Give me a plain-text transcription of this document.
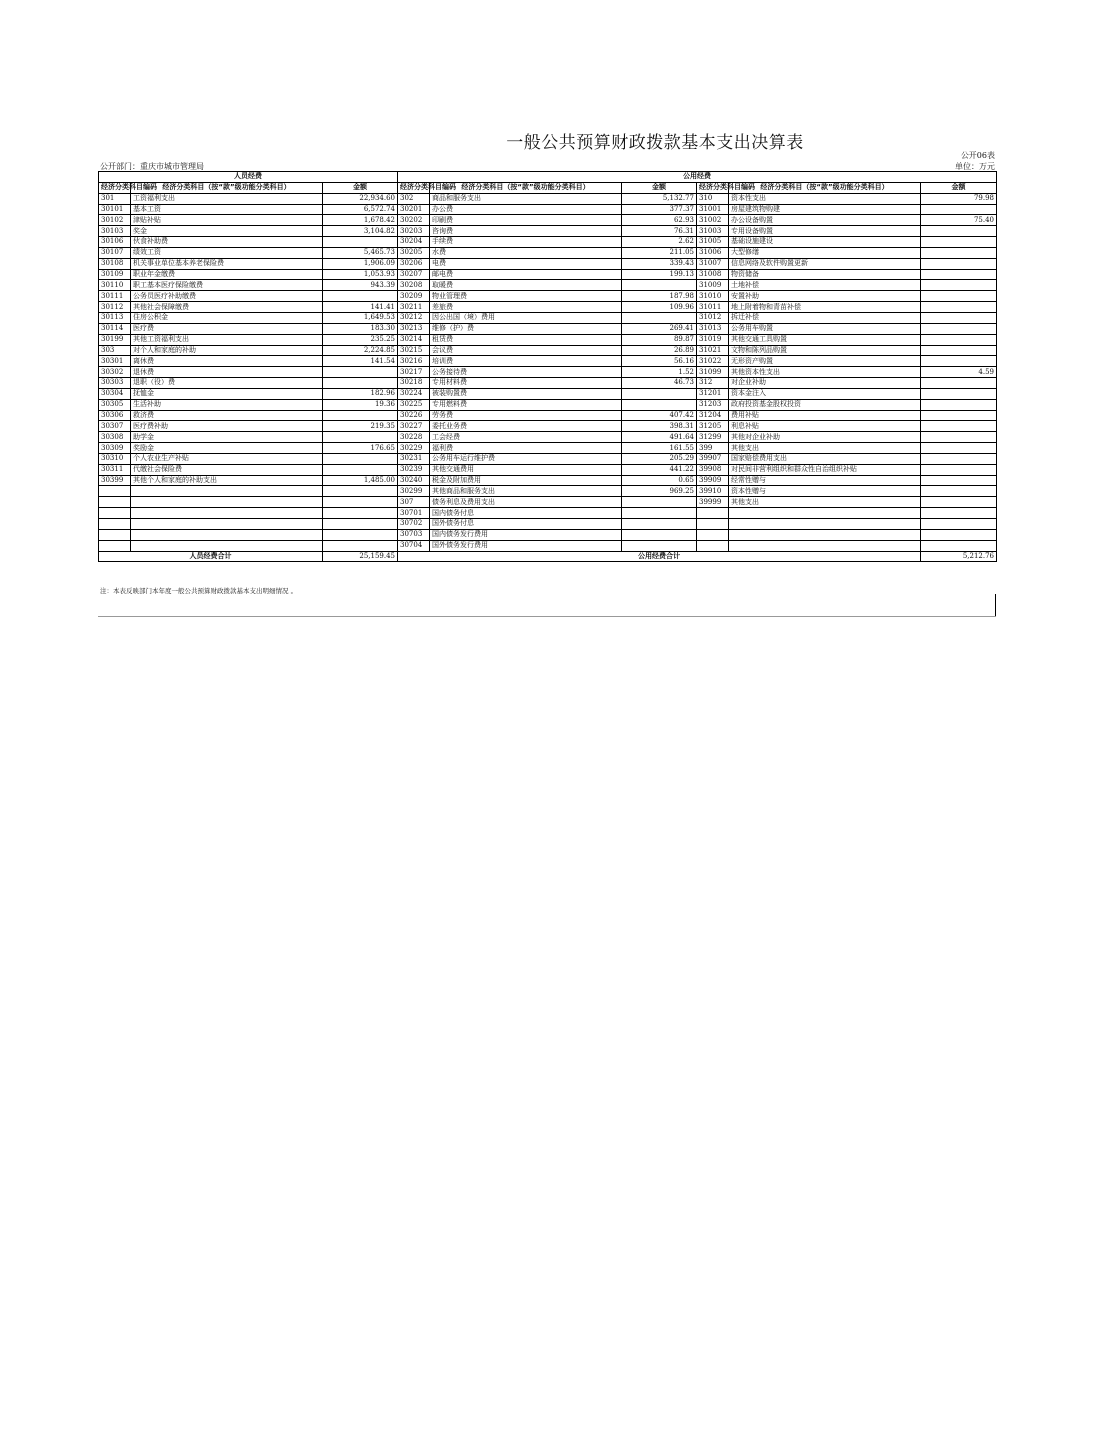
一般公共预算财政拨款基本支出决算表
公开06表
单位：万元
公开部门：重庆市城市管理局
人员经费			公用经费					
经济分类科目编码	经济分类科目（按“款”级功能分类科目）	金额	经济分类科目编码	经济分类科目（按“款”级功能分类科目）	金额	经济分类科目编码	经济分类科目（按“款”级功能分类科目）	金额
301	工资福利支出	22,934.60	302	商品和服务支出	5,132.77	310	资本性支出	79.98
30101	基本工资	6,572.74	30201	办公费	377.37	31001	房屋建筑物购建	
30102	津贴补贴	1,678.42	30202	印刷费	62.93	31002	办公设备购置	75.40
30103	奖金	3,104.82	30203	咨询费	76.31	31003	专用设备购置	
30106	伙食补助费		30204	手续费	2.62	31005	基础设施建设	
30107	绩效工资	5,465.73	30205	水费	211.05	31006	大型修缮	
30108	机关事业单位基本养老保险费	1,906.09	30206	电费	339.43	31007	信息网络及软件购置更新	
30109	职业年金缴费	1,053.93	30207	邮电费	199.13	31008	物资储备	
30110	职工基本医疗保险缴费	943.39	30208	取暖费		31009	土地补偿	
30111	公务员医疗补助缴费		30209	物业管理费	187.98	31010	安置补助	
30112	其他社会保障缴费	141.41	30211	差旅费	109.96	31011	地上附着物和青苗补偿	
30113	住房公积金	1,649.53	30212	因公出国（境）费用		31012	拆迁补偿	
30114	医疗费	183.30	30213	维修（护）费	269.41	31013	公务用车购置	
30199	其他工资福利支出	235.25	30214	租赁费	89.87	31019	其他交通工具购置	
303	对个人和家庭的补助	2,224.85	30215	会议费	26.89	31021	文物和陈列品购置	
30301	离休费	141.54	30216	培训费	56.16	31022	无形资产购置	
30302	退休费		30217	公务接待费	1.52	31099	其他资本性支出	4.59
30303	退职（役）费		30218	专用材料费	46.73	312	对企业补助	
30304	抚恤金	182.96	30224	被装购置费		31201	资本金注入	
30305	生活补助	19.36	30225	专用燃料费		31203	政府投资基金股权投资	
30306	救济费		30226	劳务费	407.42	31204	费用补贴	
30307	医疗费补助	219.35	30227	委托业务费	398.31	31205	利息补贴	
30308	助学金		30228	工会经费	491.64	31299	其他对企业补助	
30309	奖励金	176.65	30229	福利费	161.55	399	其他支出	
30310	个人农业生产补贴		30231	公务用车运行维护费	205.29	39907	国家赔偿费用支出	
30311	代缴社会保险费		30239	其他交通费用	441.22	39908	对民间非营利组织和群众性自治组织补贴	
30399	其他个人和家庭的补助支出	1,485.00	30240	税金及附加费用	0.65	39909	经常性赠与	
			30299	其他商品和服务支出	969.25	39910	资本性赠与	
			307	债务利息及费用支出		39999	其他支出	
			30701	国内债务付息				
			30702	国外债务付息				
			30703	国内债务发行费用				
			30704	国外债务发行费用				
人员经费合计		25,159.45	公用经费合计					5,212.76
注：本表反映部门本年度一般公共预算财政拨款基本支出明细情况 。
